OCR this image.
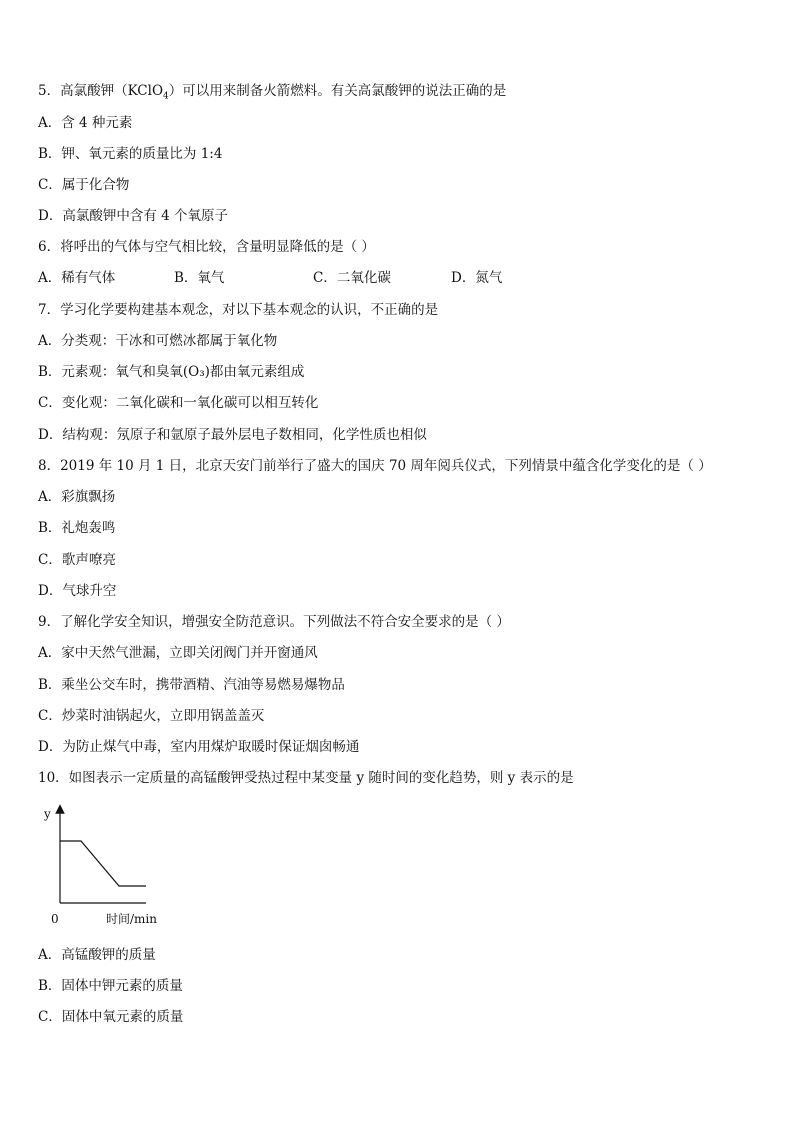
5．高氯酸钾（KClO$_4$）可以用来制备火箭燃料。有关高氯酸钾的说法正确的是
A．含 4 种元素
B．钾、氧元素的质量比为 1:4
C．属于化合物
D．高氯酸钾中含有 4 个氧原子
6．将呼出的气体与空气相比较，含量明显降低的是（ ）
A．稀有气体	B．氧气	C．二氧化碳	D．氮气
7．学习化学要构建基本观念，对以下基本观念的认识，不正确的是
A．分类观：干冰和可燃冰都属于氧化物
B．元素观：氧气和臭氧(O₃)都由氧元素组成
C．变化观：二氧化碳和一氧化碳可以相互转化
D．结构观：氖原子和氩原子最外层电子数相同，化学性质也相似
8．2019 年 10 月 1 日，北京天安门前举行了盛大的国庆 70 周年阅兵仪式，下列情景中蕴含化学变化的是（ ）
A．彩旗飘扬
B．礼炮轰鸣
C．歌声嘹亮
D．气球升空
9．了解化学安全知识，增强安全防范意识。下列做法不符合安全要求的是（ ）
A．家中天然气泄漏，立即关闭阀门并开窗通风
B．乘坐公交车时，携带酒精、汽油等易燃易爆物品
C．炒菜时油锅起火，立即用锅盖盖灭
D．为防止煤气中毒，室内用煤炉取暖时保证烟囱畅通
10．如图表示一定质量的高锰酸钾受热过程中某变量 y 随时间的变化趋势，则 y 表示的是
y
0	时间/min
A．高锰酸钾的质量
B．固体中钾元素的质量
C．固体中氧元素的质量
